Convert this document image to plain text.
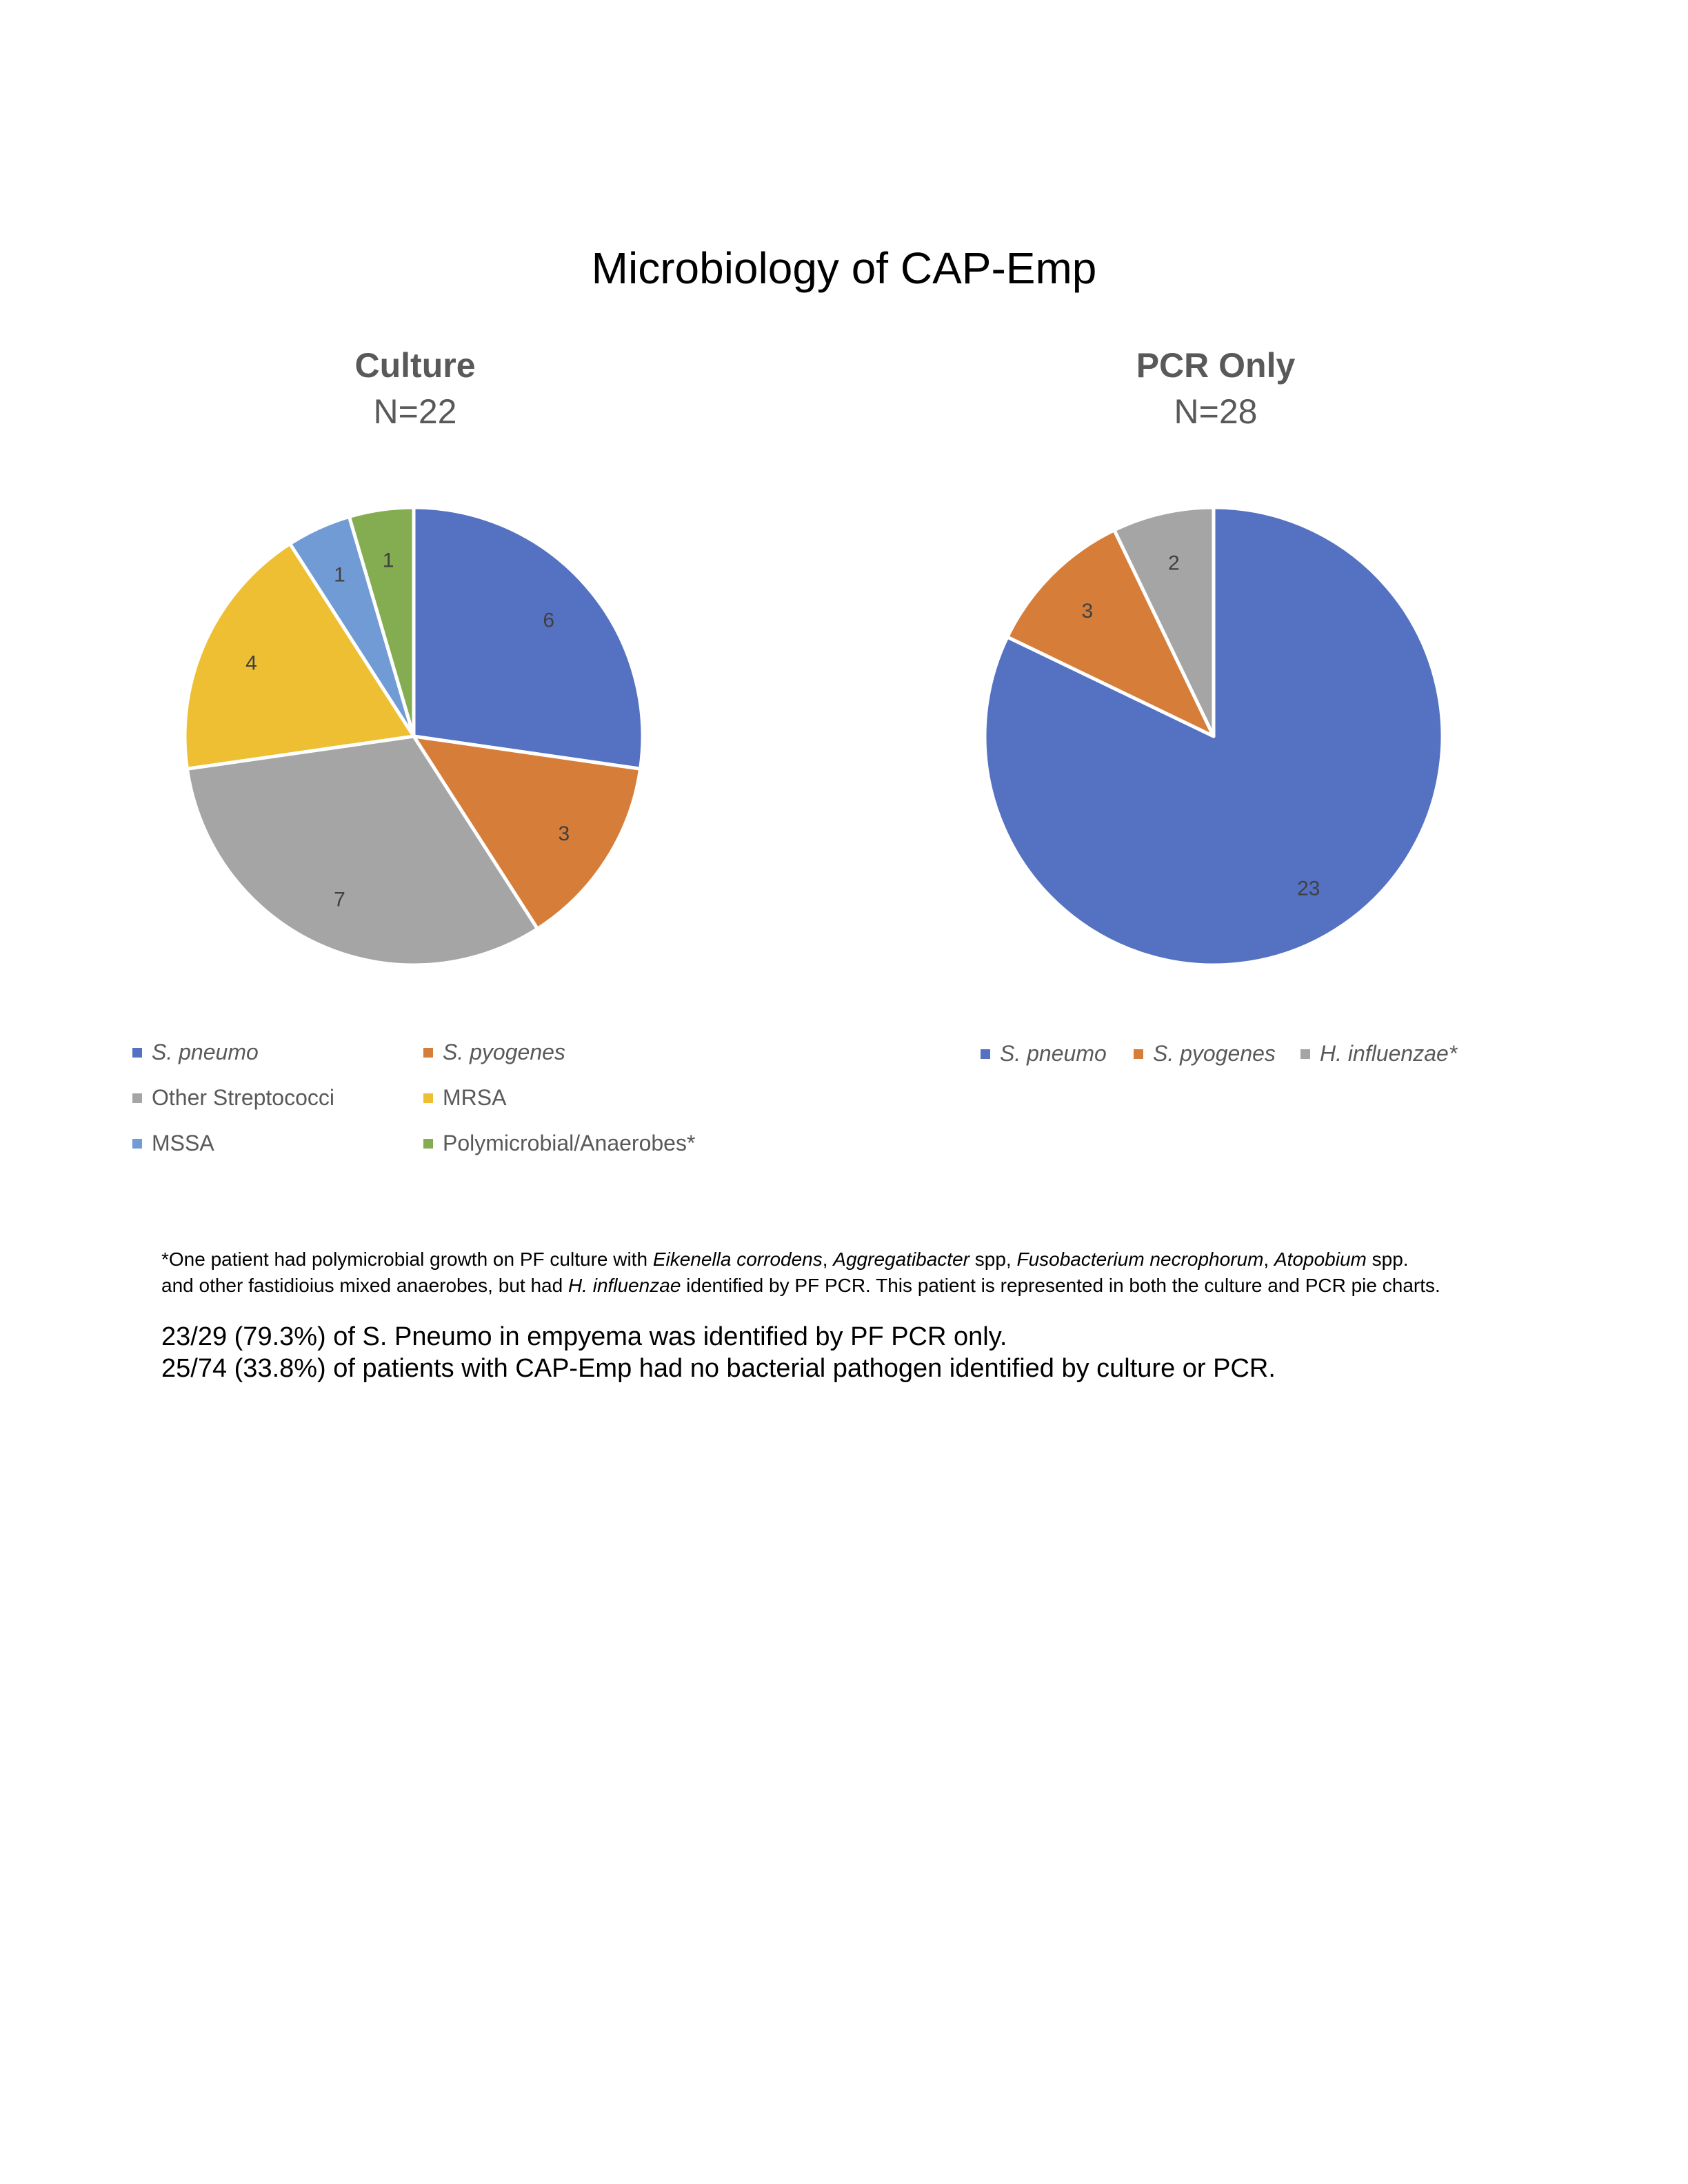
Microbiology of CAP-Emp
Culture
N=22
PCR Only
N=28
6
3
7
4
1
1
23
3
2
S. pneumo	S. pyogenes
Other Streptococci	MRSA
MSSA	Polymicrobial/Anaerobes*
S. pneumo S. pyogenes H. influenzae*
*One patient had polymicrobial growth on PF culture with Eikenella corrodens, Aggregatibacter spp, Fusobacterium necrophorum, Atopobium spp.
and other fastidioius mixed anaerobes, but had H. influenzae identified by PF PCR. This patient is represented in both the culture and PCR pie charts.
23/29 (79.3%) of S. Pneumo in empyema was identified by PF PCR only.
25/74 (33.8%) of patients with CAP-Emp had no bacterial pathogen identified by culture or PCR.
